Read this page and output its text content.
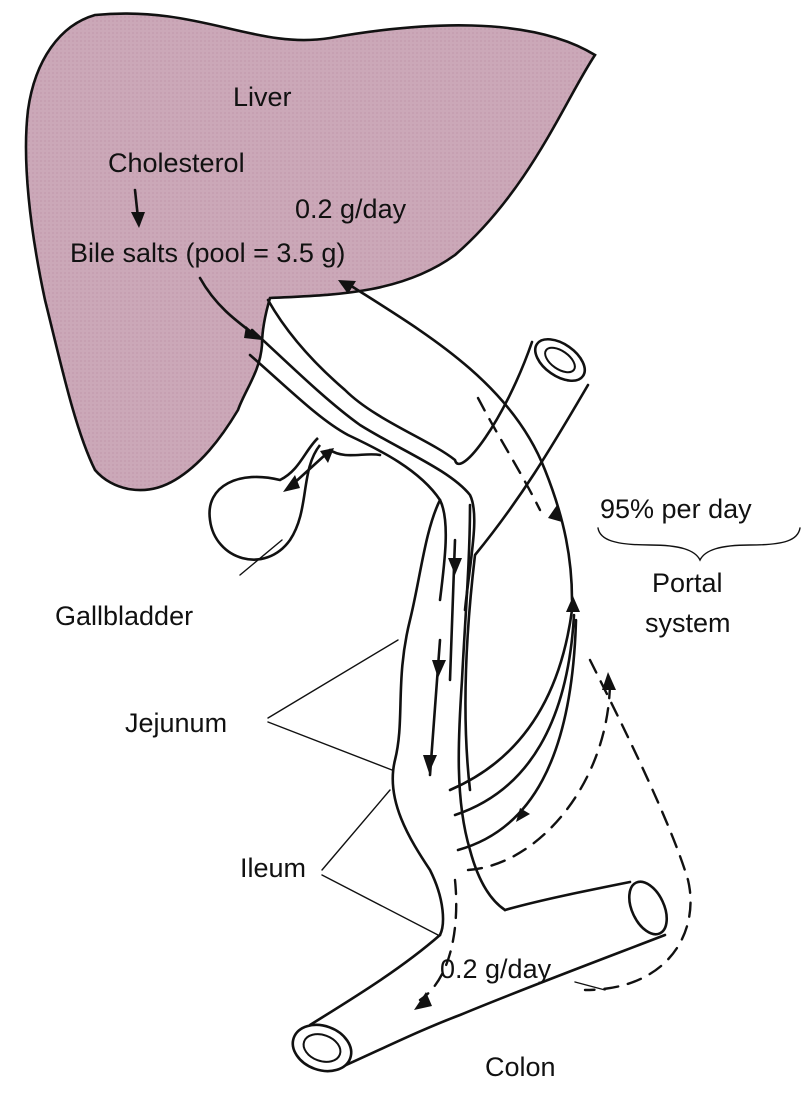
Liver
Cholesterol
0.2 g/day
Bile salts (pool = 3.5 g)
95% per day
Portal
system
Gallbladder
Jejunum
Ileum
0.2 g/day
Colon
